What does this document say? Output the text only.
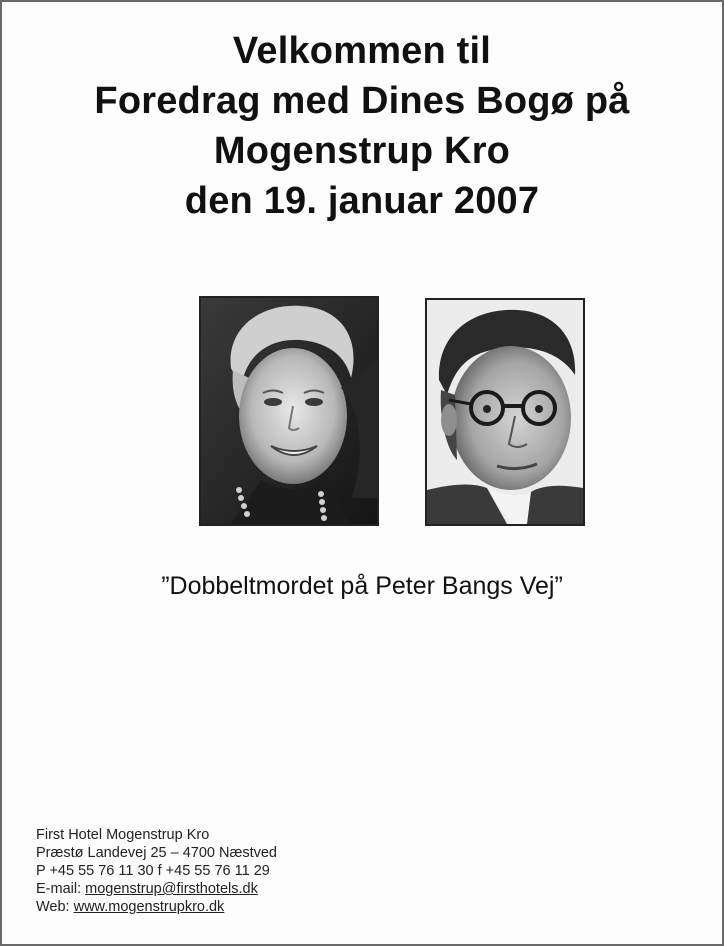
Velkommen til
Foredrag med Dines Bogø på
Mogenstrup Kro
den 19. januar 2007
”Dobbeltmordet på Peter Bangs Vej”
First Hotel Mogenstrup Kro
Præstø Landevej 25 – 4700 Næstved
P +45 55 76 11 30 f +45 55 76 11 29
E-mail: mogenstrup@firsthotels.dk
Web: www.mogenstrupkro.dk
